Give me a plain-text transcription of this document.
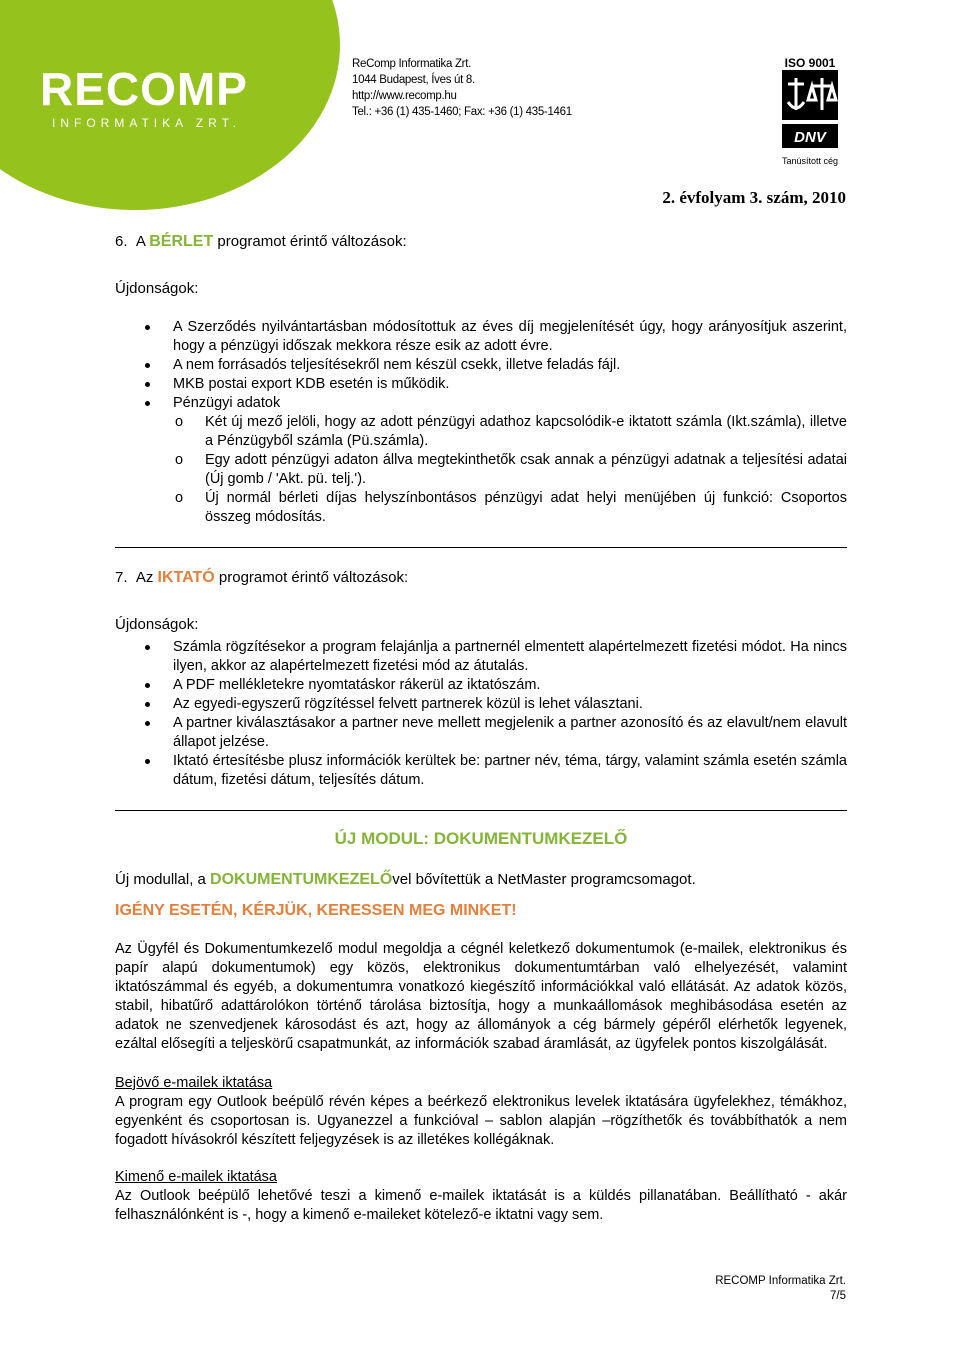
RECOMP
INFORMATIKA ZRT.
ReComp Informatika Zrt.
1044 Budapest, Íves út 8.
http://www.recomp.hu
Tel.: +36 (1) 435-1460; Fax: +36 (1) 435-1461
ISO 9001
DNV
Tanúsított cég
2. évfolyam 3. szám, 2010

6. A BÉRLET programot érintő változások:

Újdonságok:

A Szerződés nyilvántartásban módosítottuk az éves díj megjelenítését úgy, hogy arányosítjuk aszerint, hogy a pénzügyi időszak mekkora része esik az adott évre.
A nem forrásadós teljesítésekről nem készül csekk, illetve feladás fájl.
MKB postai export KDB esetén is működik.
Pénzügyi adatok
o Két új mező jelöli, hogy az adott pénzügyi adathoz kapcsolódik-e iktatott számla (Ikt.számla), illetve a Pénzügyből számla (Pü.számla).
o Egy adott pénzügyi adaton állva megtekinthetők csak annak a pénzügyi adatnak a teljesítési adatai (Új gomb / 'Akt. pü. telj.').
o Új normál bérleti díjas helyszínbontásos pénzügyi adat helyi menüjében új funkció: Csoportos összeg módosítás.

7. Az IKTATÓ programot érintő változások:

Újdonságok:

Számla rögzítésekor a program felajánlja a partnernél elmentett alapértelmezett fizetési módot. Ha nincs ilyen, akkor az alapértelmezett fizetési mód az átutalás.
A PDF mellékletekre nyomtatáskor rákerül az iktatószám.
Az egyedi-egyszerű rögzítéssel felvett partnerek közül is lehet választani.
A partner kiválasztásakor a partner neve mellett megjelenik a partner azonosító és az elavult/nem elavult állapot jelzése.
Iktató értesítésbe plusz információk kerültek be: partner név, téma, tárgy, valamint számla esetén számla dátum, fizetési dátum, teljesítés dátum.

ÚJ MODUL: DOKUMENTUMKEZELŐ

Új modullal, a DOKUMENTUMKEZELŐvel bővítettük a NetMaster programcsomagot.

IGÉNY ESETÉN, KÉRJÜK, KERESSEN MEG MINKET!

Az Ügyfél és Dokumentumkezelő modul megoldja a cégnél keletkező dokumentumok (e-mailek, elektronikus és papír alapú dokumentumok) egy közös, elektronikus dokumentumtárban való elhelyezését, valamint iktatószámmal és egyéb, a dokumentumra vonatkozó kiegészítő információkkal való ellátását. Az adatok közös, stabil, hibatűrő adattárolókon történő tárolása biztosítja, hogy a munkaállomások meghibásodása esetén az adatok ne szenvedjenek károsodást és azt, hogy az állományok a cég bármely gépéről elérhetők legyenek, ezáltal elősegíti a teljeskörű csapatmunkát, az információk szabad áramlását, az ügyfelek pontos kiszolgálását.

Bejövő e-mailek iktatása

A program egy Outlook beépülő révén képes a beérkező elektronikus levelek iktatására ügyfelekhez, témákhoz, egyenként és csoportosan is. Ugyanezzel a funkcióval – sablon alapján –rögzíthetők és továbbíthatók a nem fogadott hívásokról készített feljegyzések is az illetékes kollégáknak.

Kimenő e-mailek iktatása

Az Outlook beépülő lehetővé teszi a kimenő e-mailek iktatását is a küldés pillanatában. Beállítható - akár felhasználónként is -, hogy a kimenő e-maileket kötelező-e iktatni vagy sem.

RECOMP Informatika Zrt.
7/5
